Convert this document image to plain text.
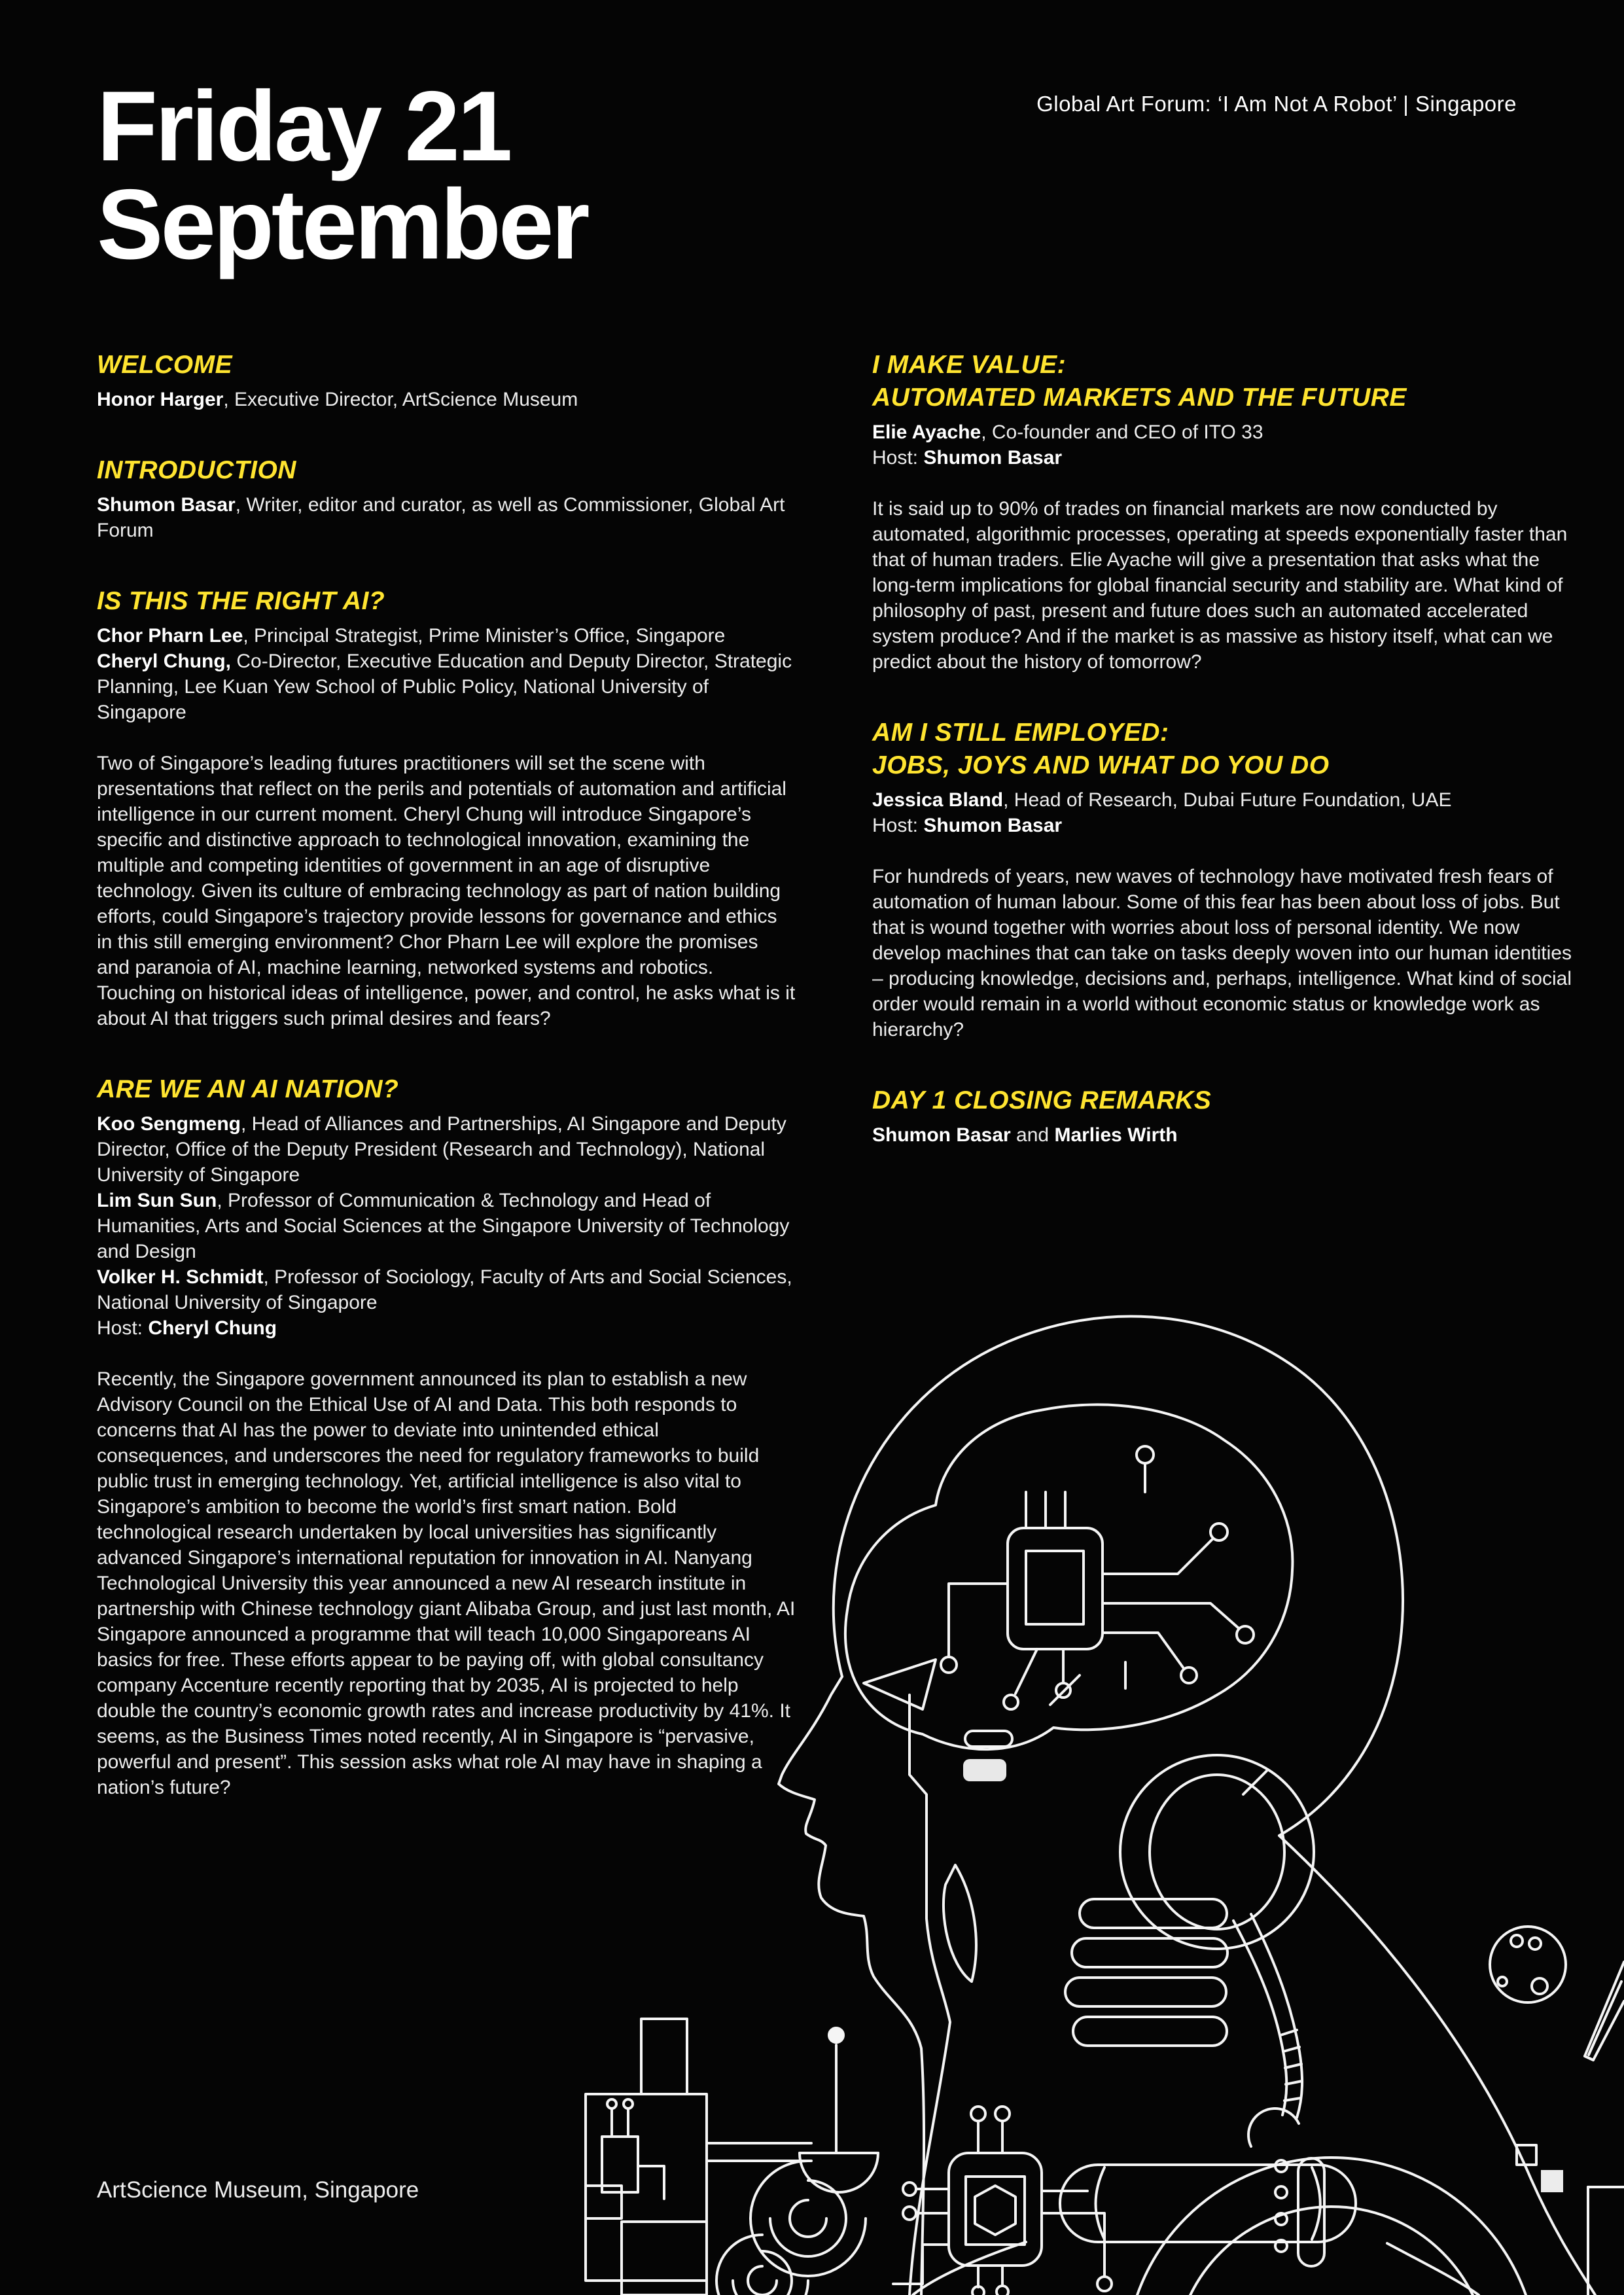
Friday 21
September
Global Art Forum: ‘I Am Not A Robot’ | Singapore
WELCOME

Honor Harger, Executive Director, ArtScience Museum

INTRODUCTION

Shumon Basar, Writer, editor and curator, as well as Commissioner, Global Art Forum

IS THIS THE RIGHT AI?

Chor Pharn Lee, Principal Strategist, Prime Minister’s Office, Singapore

Cheryl Chung, Co-Director, Executive Education and Deputy Director, Strategic Planning, Lee Kuan Yew School of Public Policy, National University of Singapore

Two of Singapore’s leading futures practitioners will set the scene with presentations that reflect on the perils and potentials of automation and artificial intelligence in our current moment. Cheryl Chung will introduce Singapore’s specific and distinctive approach to technological innovation, examining the multiple and competing identities of government in an age of disruptive technology. Given its culture of embracing technology as part of nation building efforts, could Singapore’s trajectory provide lessons for governance and ethics in this still emerging environment? Chor Pharn Lee will explore the promises and paranoia of AI, machine learning, networked systems and robotics. Touching on historical ideas of intelligence, power, and control, he asks what is it about AI that triggers such primal desires and fears?

ARE WE AN AI NATION?

Koo Sengmeng, Head of Alliances and Partnerships, AI Singapore and Deputy Director, Office of the Deputy President (Research and Technology), National University of Singapore

Lim Sun Sun, Professor of Communication & Technology and Head of Humanities, Arts and Social Sciences at the Singapore University of Technology and Design

Volker H. Schmidt, Professor of Sociology, Faculty of Arts and Social Sciences, National University of Singapore

Host: Cheryl Chung

Recently, the Singapore government announced its plan to establish a new Advisory Council on the Ethical Use of AI and Data. This both responds to concerns that AI has the power to deviate into unintended ethical consequences, and underscores the need for regulatory frameworks to build public trust in emerging technology. Yet, artificial intelligence is also vital to Singapore’s ambition to become the world’s first smart nation. Bold technological research undertaken by local universities has significantly advanced Singapore’s international reputation for innovation in AI. Nanyang Technological University this year announced a new AI research institute in partnership with Chinese technology giant Alibaba Group, and just last month, AI Singapore announced a programme that will teach 10,000 Singaporeans AI basics for free. These efforts appear to be paying off, with global consultancy company Accenture recently reporting that by 2035, AI is projected to help double the country’s economic growth rates and increase productivity by 41%. It seems, as the Business Times noted recently, AI in Singapore is “pervasive, powerful and present”. This session asks what role AI may have in shaping a nation’s future?

I MAKE VALUE:
AUTOMATED MARKETS AND THE FUTURE

Elie Ayache, Co-founder and CEO of ITO 33

Host: Shumon Basar

It is said up to 90% of trades on financial markets are now conducted by automated, algorithmic processes, operating at speeds exponentially faster than that of human traders. Elie Ayache will give a presentation that asks what the long-term implications for global financial security and stability are. What kind of philosophy of past, present and future does such an automated accelerated system produce? And if the market is as massive as history itself, what can we predict about the history of tomorrow?

AM I STILL EMPLOYED:
JOBS, JOYS AND WHAT DO YOU DO

Jessica Bland, Head of Research, Dubai Future Foundation, UAE

Host: Shumon Basar

For hundreds of years, new waves of technology have motivated fresh fears of automation of human labour. Some of this fear has been about loss of jobs. But that is wound together with worries about loss of personal identity. We now develop machines that can take on tasks deeply woven into our human identities – producing knowledge, decisions and, perhaps, intelligence. What kind of social order would remain in a world without economic status or knowledge work as hierarchy?

DAY 1 CLOSING REMARKS

Shumon Basar and Marlies Wirth

ArtScience Museum, Singapore
